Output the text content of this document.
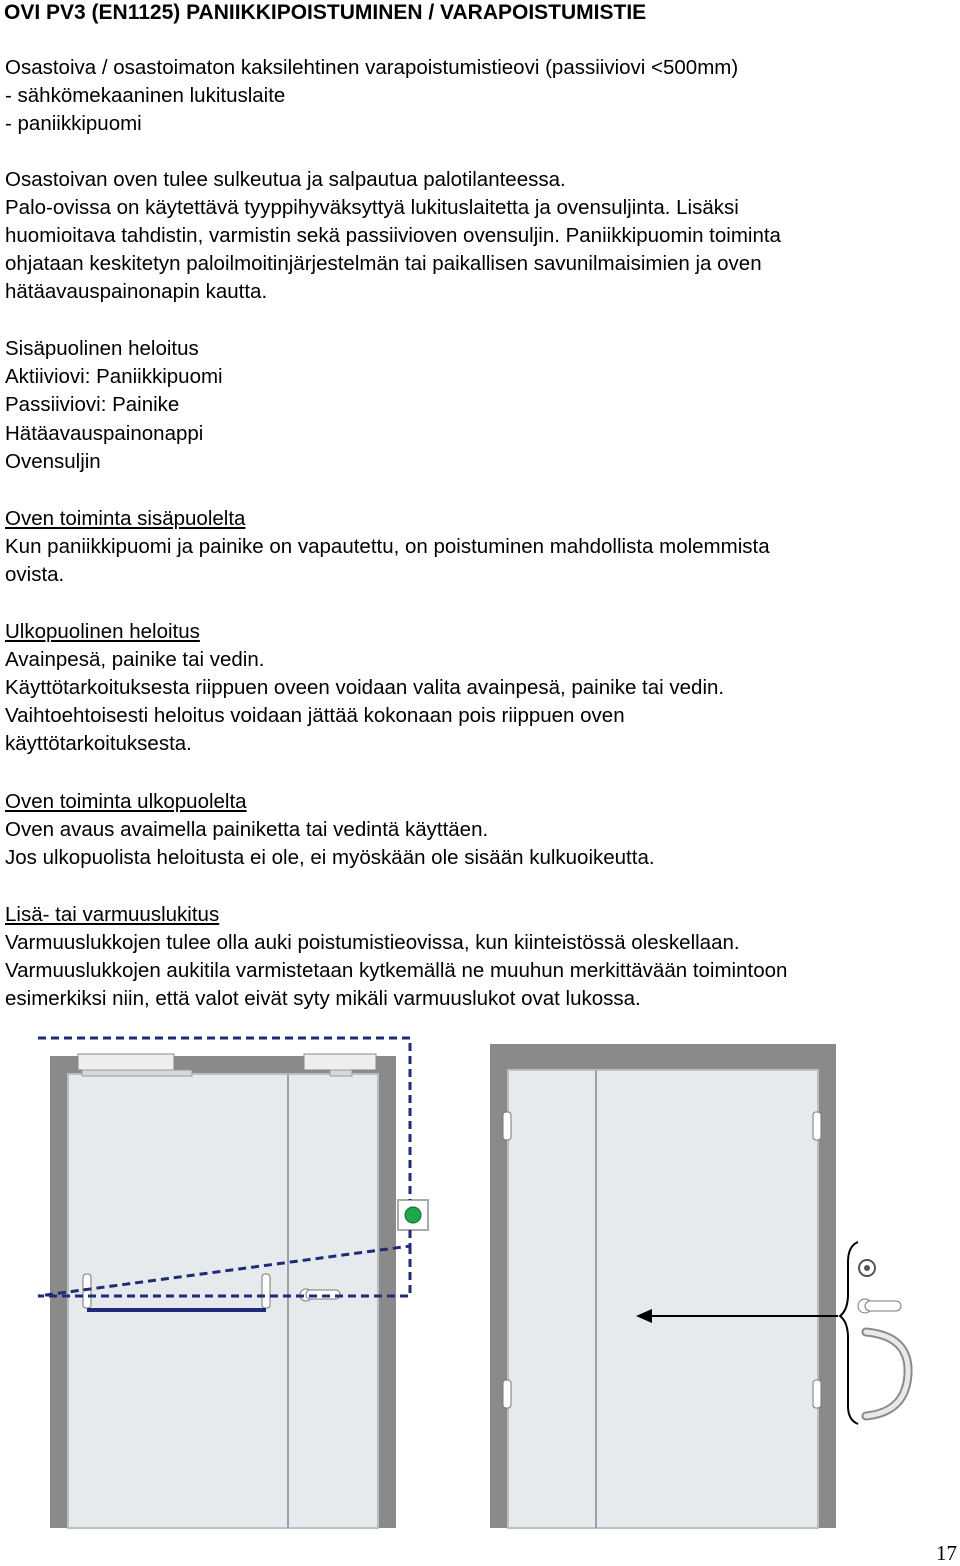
OVI PV3 (EN1125) PANIIKKIPOISTUMINEN / VARAPOISTUMISTIE
Osastoiva / osastoimaton kaksilehtinen varapoistumistieovi (passiiviovi <500mm)
- sähkömekaaninen lukituslaite
- paniikkipuomi
Osastoivan oven tulee sulkeutua ja salpautua palotilanteessa.
Palo-ovissa on käytettävä tyyppihyväksyttyä lukituslaitetta ja ovensuljinta. Lisäksi
huomioitava tahdistin, varmistin sekä passiivioven ovensuljin. Paniikkipuomin toiminta
ohjataan keskitetyn paloilmoitinjärjestelmän tai paikallisen savunilmaisimien ja oven
hätäavauspainonapin kautta.
Sisäpuolinen heloitus
Aktiiviovi: Paniikkipuomi
Passiiviovi: Painike
Hätäavauspainonappi
Ovensuljin
Oven toiminta sisäpuolelta
Kun paniikkipuomi ja painike on vapautettu, on poistuminen mahdollista molemmista
ovista.
Ulkopuolinen heloitus
Avainpesä, painike tai vedin.
Käyttötarkoituksesta riippuen oveen voidaan valita avainpesä, painike tai vedin.
Vaihtoehtoisesti heloitus voidaan jättää kokonaan pois riippuen oven
käyttötarkoituksesta.
Oven toiminta ulkopuolelta
Oven avaus avaimella painiketta tai vedintä käyttäen.
Jos ulkopuolista heloitusta ei ole, ei myöskään ole sisään kulkuoikeutta.
Lisä- tai varmuuslukitus
Varmuuslukkojen tulee olla auki poistumistieovissa, kun kiinteistössä oleskellaan.
Varmuuslukkojen aukitila varmistetaan kytkemällä ne muuhun merkittävään toimintoon
esimerkiksi niin, että valot eivät syty mikäli varmuuslukot ovat lukossa.
17
